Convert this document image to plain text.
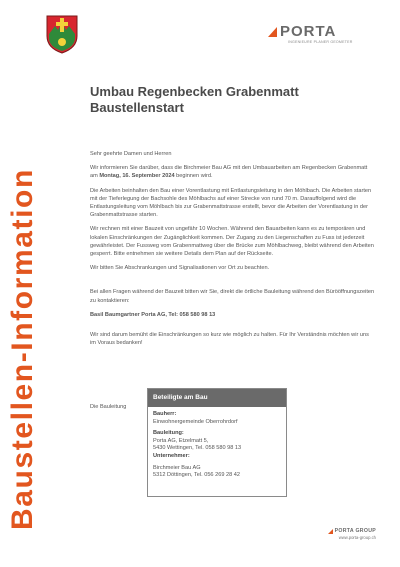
PORTA
INGENIEURE PLANER GEOMETER
Baustellen-Information
Umbau Regenbecken Grabenmatt
Baustellenstart

Sehr geehrte Damen und Herren

Wir informieren Sie darüber, dass die Birchmeier Bau AG mit den Umbauarbeiten am Regenbecken Grabenmatt am Montag, 16. September 2024 beginnen wird.

Die Arbeiten beinhalten den Bau einer Vorentlastung mit Entlastungsleitung in den Möhlbach. Die Arbeiten starten mit der Tieferlegung der Bachsohle des Möhlbachs auf einer Strecke von rund 70 m. Darauffolgend wird die Entlastungsleitung vom Möhlbach bis zur Grabenmattstrasse erstellt, bevor die Arbeiten der Vorentlastung in der Grabenmattstrasse starten.

Wir rechnen mit einer Bauzeit von ungefähr 10 Wochen. Während den Bauarbeiten kann es zu temporären und lokalen Einschränkungen der Zugänglichkeit kommen. Der Zugang zu den Liegenschaften zu Fuss ist jederzeit gewährleistet. Der Fussweg vom Grabenmattweg über die Brücke zum Möhlbachweg, bleibt während den Arbeiten gesperrt. Bitte entnehmen sie weitere Details dem Plan auf der Rückseite.

Wir bitten Sie Abschrankungen und Signalisationen vor Ort zu beachten.

Bei allen Fragen während der Bauzeit bitten wir Sie, direkt die örtliche Bauleitung während den Bürööffnungszeiten zu kontaktieren:

Basil Baumgartner Porta AG, Tel: 058 580 98 13

Wir sind darum bemüht die Einschränkungen so kurz wie möglich zu halten. Für Ihr Verständnis möchten wir uns im Voraus bedanken!

Die Bauleitung
Beteiligte am Bau
Bauherr:
Einwohnergemeinde Oberrohrdorf
Bauleitung:
Porta AG, Etzelmatt 5,
5430 Wettingen, Tel. 058 580 98 13
Unternehmer:
Birchmeier Bau AG
5312 Döttingen, Tel. 056 269 28 42
PORTA GROUP
www.porta-group.ch
